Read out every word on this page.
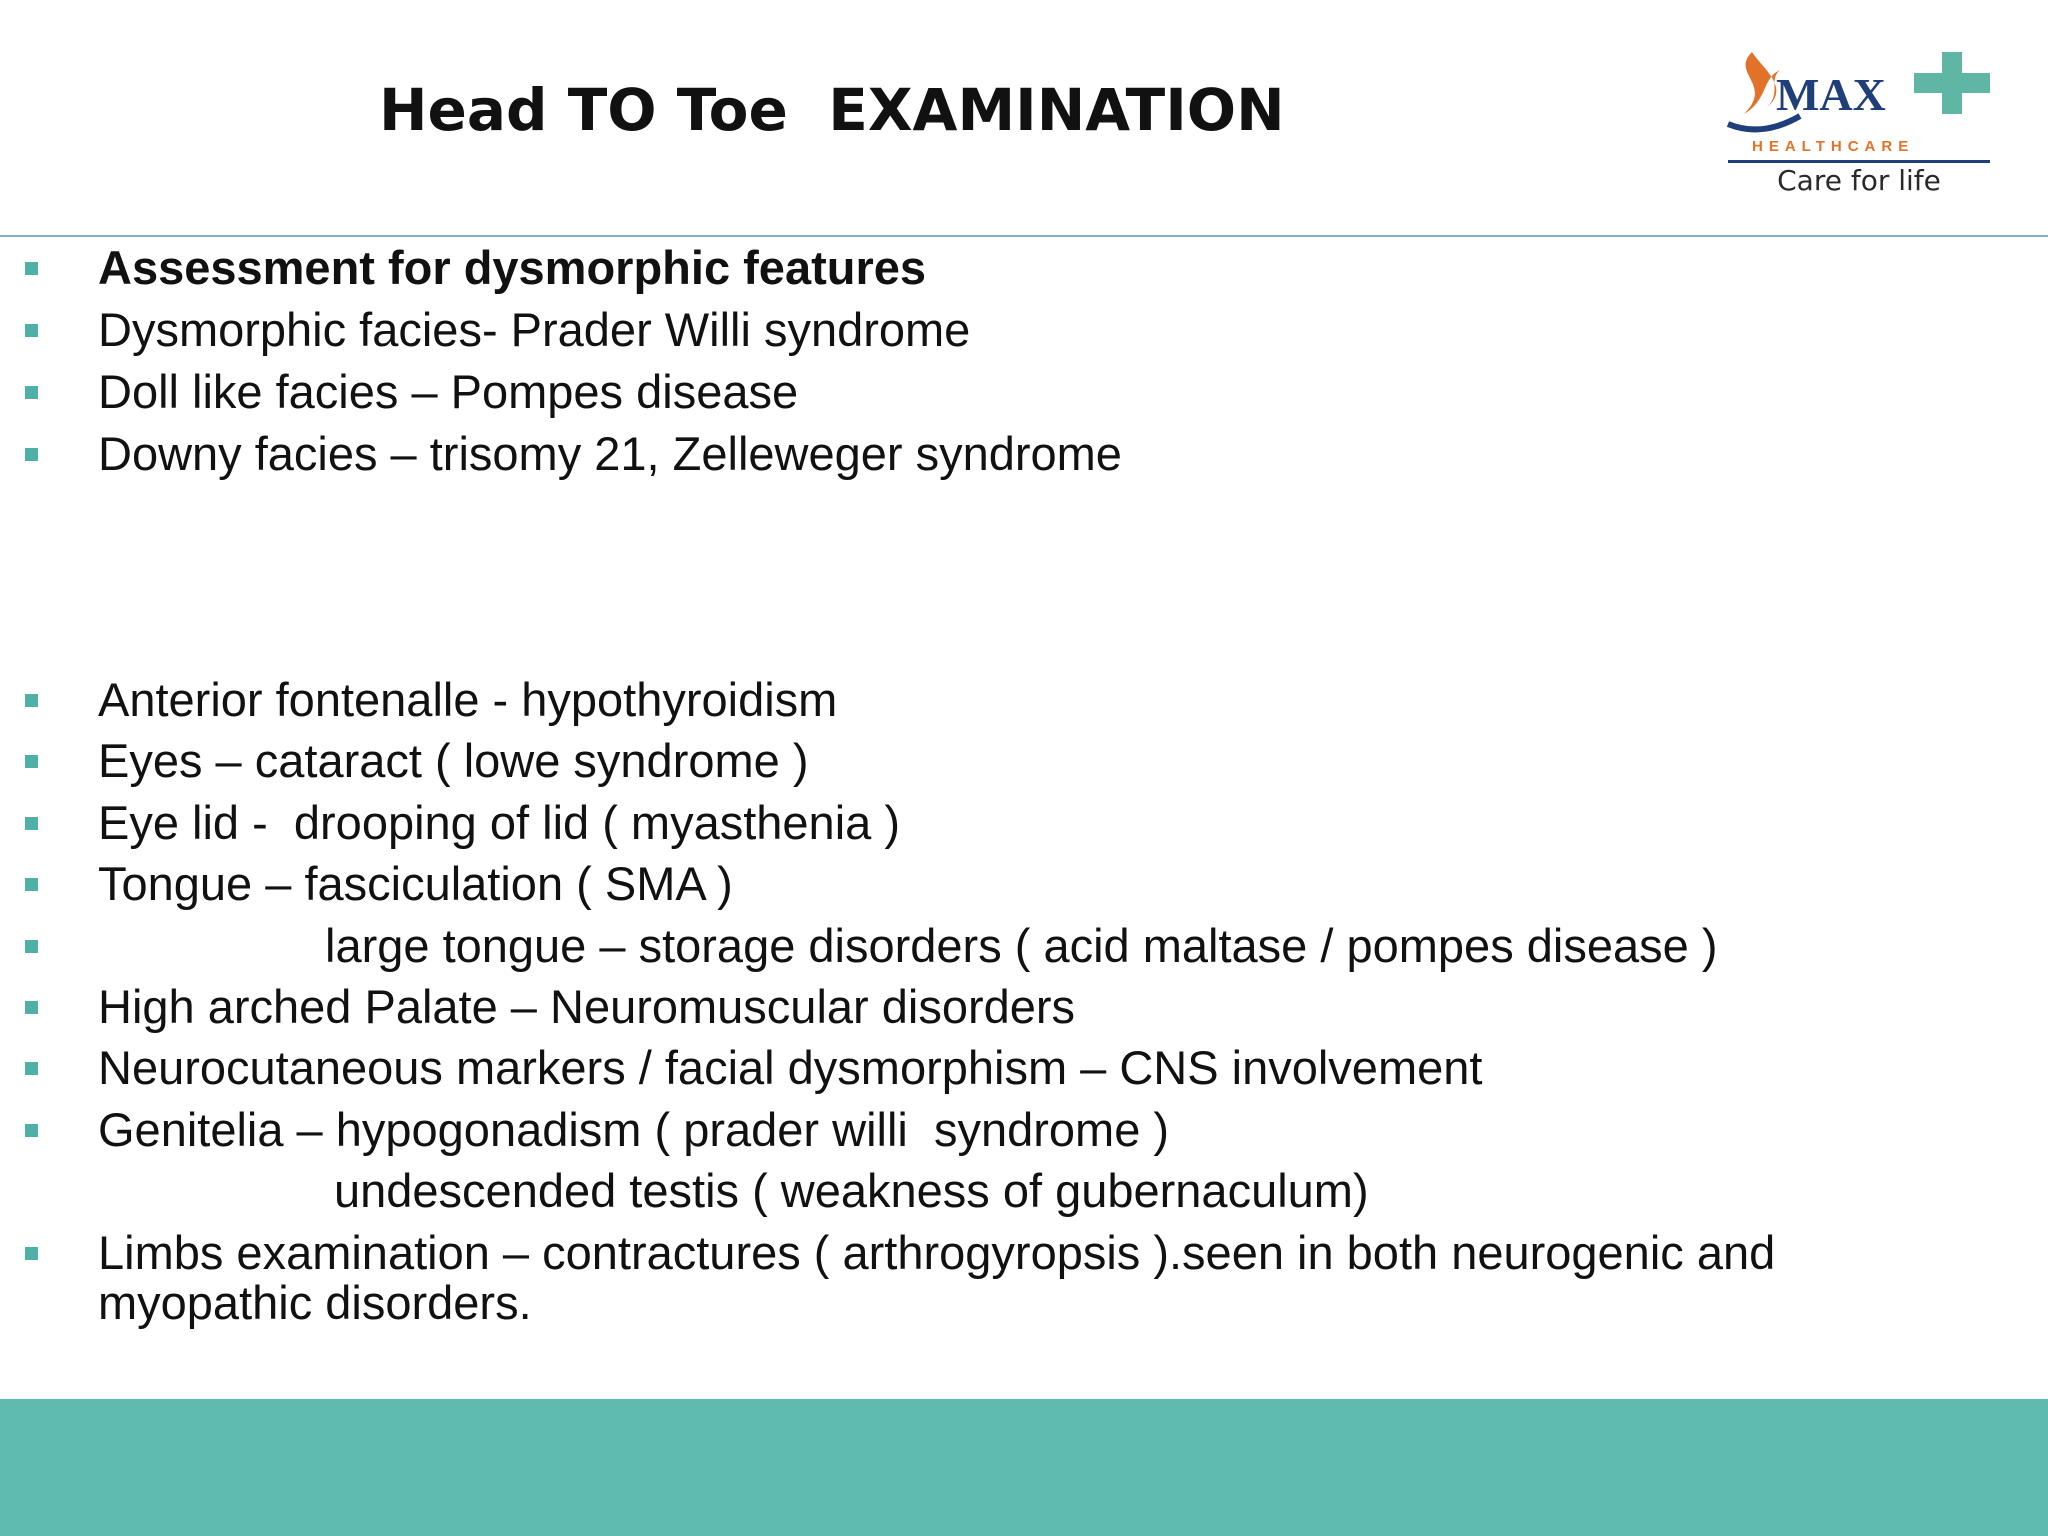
Head TO Toe  EXAMINATION	MAX
HEALTHCARE
Care for life
Assessment for dysmorphic features
Dysmorphic facies- Prader Willi syndrome
Doll like facies – Pompes disease
Downy facies – trisomy 21, Zelleweger syndrome
Anterior fontenalle - hypothyroidism
Eyes – cataract ( lowe syndrome )
Eye lid -  drooping of lid ( myasthenia )
Tongue – fasciculation ( SMA )
large tongue – storage disorders ( acid maltase / pompes disease )
High arched Palate – Neuromuscular disorders
Neurocutaneous markers / facial dysmorphism – CNS involvement
Genitelia – hypogonadism ( prader willi  syndrome )
undescended testis ( weakness of gubernaculum)
Limbs examination – contractures ( arthrogyropsis ).seen in both neurogenic and myopathic disorders.
